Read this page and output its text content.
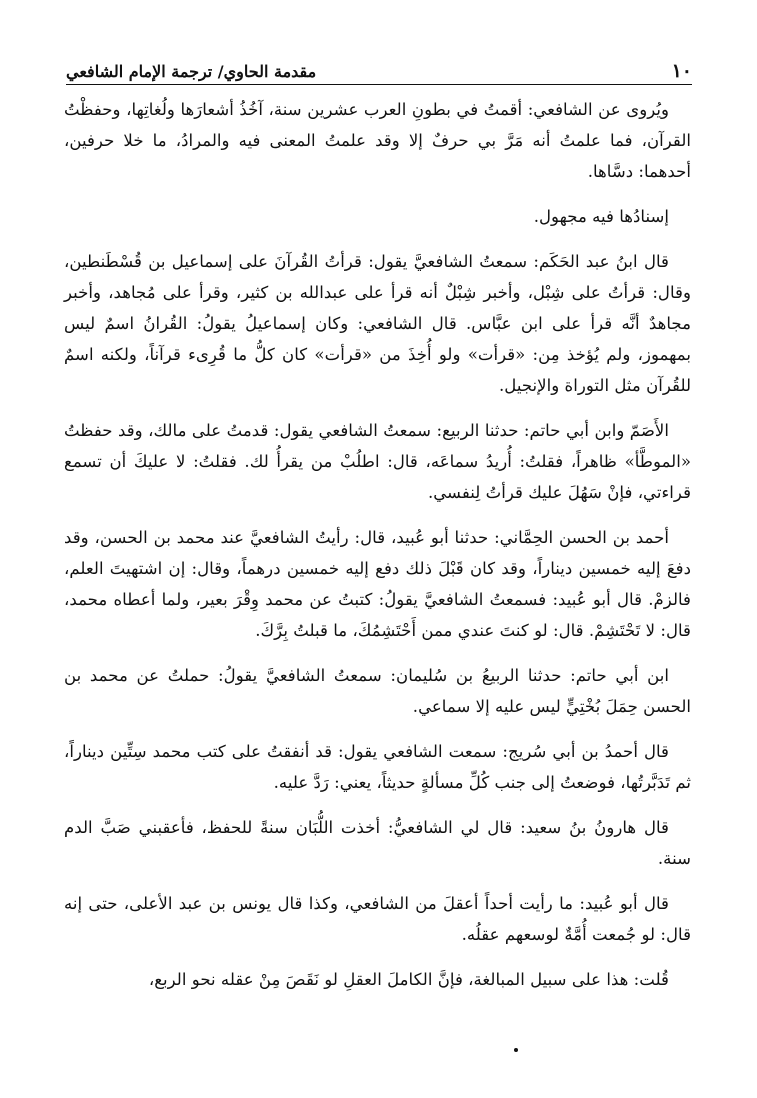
١٠
مقدمة الحاوي/ ترجمة الإمام الشافعي

ويُروى عن الشافعي: أقمتُ في بطونِ العرب عشرين سنة، آخُذُ أشعارَها ولُغاتِها، وحفظْتُ القرآن، فما علمتُ أنه مَرَّ بي حرفٌ إلا وقد علمتُ المعنى فيه والمرادُ، ما خلا حرفين، أحدهما: دسَّاها.

إسنادُها فيه مجهول.

قال ابنُ عبد الحَكَم: سمعتُ الشافعيَّ يقول: قرأتُ القُرآنَ على إسماعيل بن قُسْطَنطين، وقال: قرأتُ على شِبْل، وأخبر شِبْلٌ أنه قرأ على عبدالله بن كثير، وقرأ على مُجاهد، وأخبر مجاهدٌ أنَّه قرأ على ابن عبَّاس. قال الشافعي: وكان إسماعيلُ يقولُ: القُرانُ اسمٌ ليس بمهموز، ولم يُؤخذ مِن: «قرأت» ولو أُخِذَ من «قرأت» كان كلُّ ما قُرِىء قرآناً، ولكنه اسمٌ للقُرآن مثل التوراة والإنجيل.

الأَصَمّ وابن أبي حاتم: حدثنا الربيع: سمعتُ الشافعي يقول: قدمتُ على مالك، وقد حفظتُ «الموطَّأ» ظاهراً، فقلتُ: أُريدُ سماعَه، قال: اطلُبْ من يقرأُ لك. فقلتُ: لا عليكَ أن تسمع قراءتي، فإنْ سَهُلَ عليك قرأتُ لِنفسي.

أحمد بن الحسن الحِمَّاني: حدثنا أبو عُبيد، قال: رأيتُ الشافعيَّ عند محمد بن الحسن، وقد دفعَ إليه خمسين ديناراً، وقد كان قَبْلَ ذلك دفع إليه خمسين درهماً، وقال: إن اشتهيتَ العلم، فالزمْ. قال أبو عُبيد: فسمعتُ الشافعيَّ يقولُ: كتبتُ عن محمد وِقْرَ بعير، ولما أعطاه محمد، قال: لا تَحْتَشِمْ. قال: لو كنتَ عندي ممن أَحْتَشِمُكَ، ما قبلتُ بِرَّكَ.

ابن أبي حاتم: حدثنا الربيعُ بن سُليمان: سمعتُ الشافعيَّ يقولُ: حملتُ عن محمد بن الحسن حِمَلَ بُخْتِيٍّ ليس عليه إلا سماعي.

قال أحمدُ بن أبي سُريج: سمعت الشافعي يقول: قد أنفقتُ على كتب محمد سِتِّين ديناراً، ثم تَدَبَّرتُها، فوضعتُ إلى جنب كُلِّ مسألةٍ حديثاً، يعني: رَدَّ عليه.

قال هارونُ بنُ سعيد: قال لي الشافعيُّ: أخذت اللُّبَان سنةً للحفظ، فأعقبني صَبَّ الدم سنة.

قال أبو عُبيد: ما رأيت أحداً أعقلَ من الشافعي، وكذا قال يونس بن عبد الأعلى، حتى إنه قال: لو جُمعت أُمَّةٌ لوسعهم عقلُه.

قُلت: هذا على سبيل المبالغة، فإنَّ الكاملَ العقلِ لو نَقَصَ مِنْ عقله نحو الربع،
